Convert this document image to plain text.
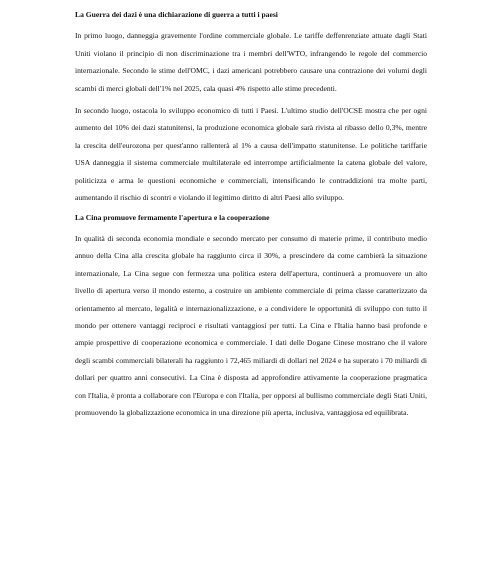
La Guerra dei dazi è una dichiarazione di guerra a tutti i paesi

In primo luogo, danneggia gravemente l'ordine commerciale globale. Le tariffe deffenrenziate attuate dagli Stati Uniti violano il principio di non discriminazione tra i membri dell'WTO, infrangendo le regole del commercio internazionale. Secondo le stime dell'OMC, i dazi americani potrebbero causare una contrazione dei volumi degli scambi di merci globali dell'1% nel 2025, cala quasi 4% rispetto alle stime precedenti.

In secondo luogo, ostacola lo sviluppo economico di tutti i Paesi. L'ultimo studio dell'OCSE mostra che per ogni aumento del 10% dei dazi statunitensi, la produzione economica globale sarà rivista al ribasso dello 0,3%, mentre la crescita dell'eurozona per quest'anno rallenterà al 1% a causa dell'impatto statunitense. Le politiche tariffarie USA danneggia il sistema commerciale multilaterale ed interrompe artificialmente la catena globale del valore, politicizza e arma le questioni economiche e commerciali, intensificando le contraddizioni tra molte parti, aumentando il rischio di scontri e violando il legittimo diritto di altri Paesi allo sviluppo.

La Cina promuove fermamente l'apertura e la cooperazione

In qualità di seconda economia mondiale e secondo mercato per consumo di materie prime, il contributo medio annuo della Cina alla crescita globale ha raggiunto circa il 30%, a prescindere da come cambierà la situazione internazionale, La Cina segue con fermezza una politica estera dell'apertura, continuerà a promuovere un alto livello di apertura verso il mondo esterno, a costruire un ambiente commerciale di prima classe caratterizzato da orientamento al mercato, legalità e internazionalizzazione, e a condividere le opportunità di sviluppo con tutto il mondo per ottenere vantaggi reciproci e risultati vantaggiosi per tutti. La Cina e l'Italia hanno basi profonde e ampie prospettive di cooperazione economica e commerciale. I dati delle Dogane Cinese mostrano che il valore degli scambi commerciali bilaterali ha raggiunto i 72,465 miliardi di dollari nel 2024 e ha superato i 70 miliardi di dollari per quattro anni consecutivi. La Cina è disposta ad approfondire attivamente la cooperazione pragmatica con l'Italia, è pronta a collaborare con l'Europa e con l'Italia, per opporsi al bullismo commerciale degli Stati Uniti, promuovendo la globalizzazione economica in una direzione più aperta, inclusiva, vantaggiosa ed equilibrata.
